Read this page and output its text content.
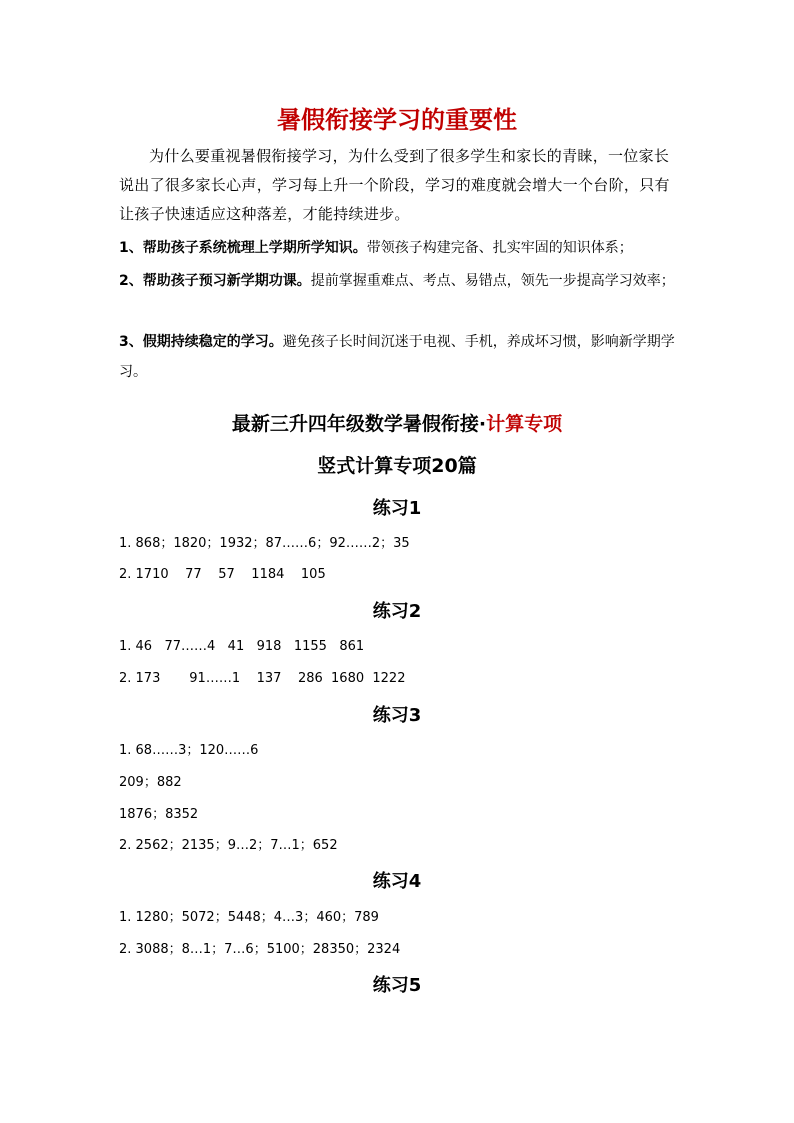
暑假衔接学习的重要性
为什么要重视暑假衔接学习，为什么受到了很多学生和家长的青睐，一位家长说出了很多家长心声，学习每上升一个阶段，学习的难度就会增大一个台阶，只有让孩子快速适应这种落差，才能持续进步。
1、帮助孩子系统梳理上学期所学知识。带领孩子构建完备、扎实牢固的知识体系；
2、帮助孩子预习新学期功课。提前掌握重难点、考点、易错点，领先一步提高学习效率；
3、假期持续稳定的学习。避免孩子长时间沉迷于电视、手机，养成坏习惯，影响新学期学习。
最新三升四年级数学暑假衔接·计算专项
竖式计算专项20篇
练习1
1. 868；1820；1932；87……6；92……2；35
2. 1710    77    57    1184    105
练习2
1. 46   77……4   41   918   1155   861
2. 173       91……1    137    286  1680  1222
练习3
1. 68……3；120……6
209；882
1876；8352
2. 2562；2135；9…2；7…1；652
练习4
1. 1280；5072；5448；4…3；460；789
2. 3088；8…1；7…6；5100；28350；2324
练习5
